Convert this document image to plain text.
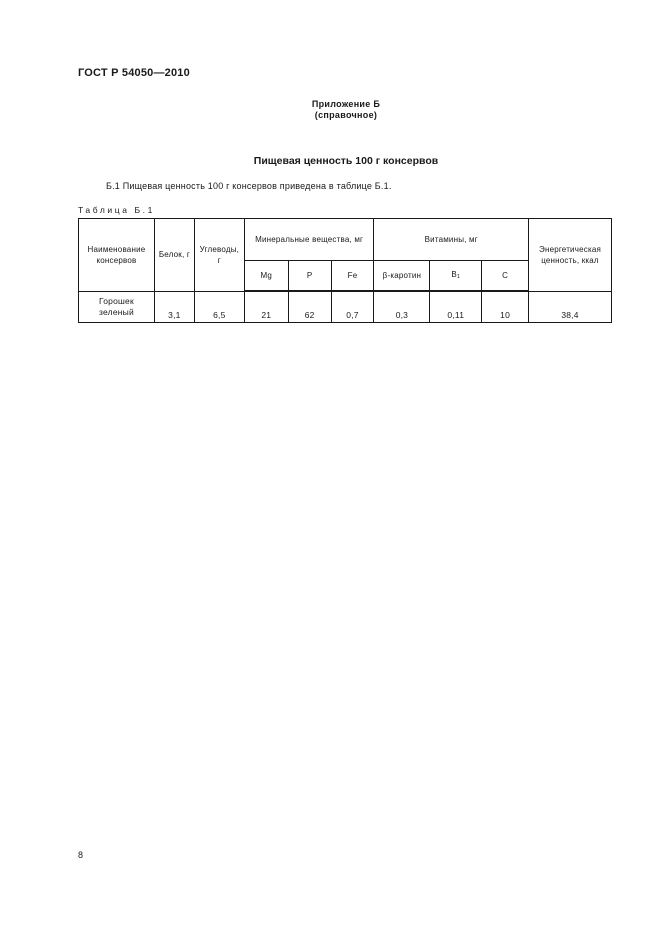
ГОСТ Р 54050—2010
Приложение Б
(справочное)
Пищевая ценность 100 г консервов
Б.1 Пищевая ценность 100 г консервов приведена в таблице Б.1.
Таблица Б.1
Наименование консервов	Белок, г	Углеводы, г	Минеральные вещества, мг			Витамины, мг			Энергетическая ценность, ккал
			Mg	P	Fe	β-каротин	B1	C	
Горошек зеленый	3,1	6,5	21	62	0,7	0,3	0,11	10	38,4
8
